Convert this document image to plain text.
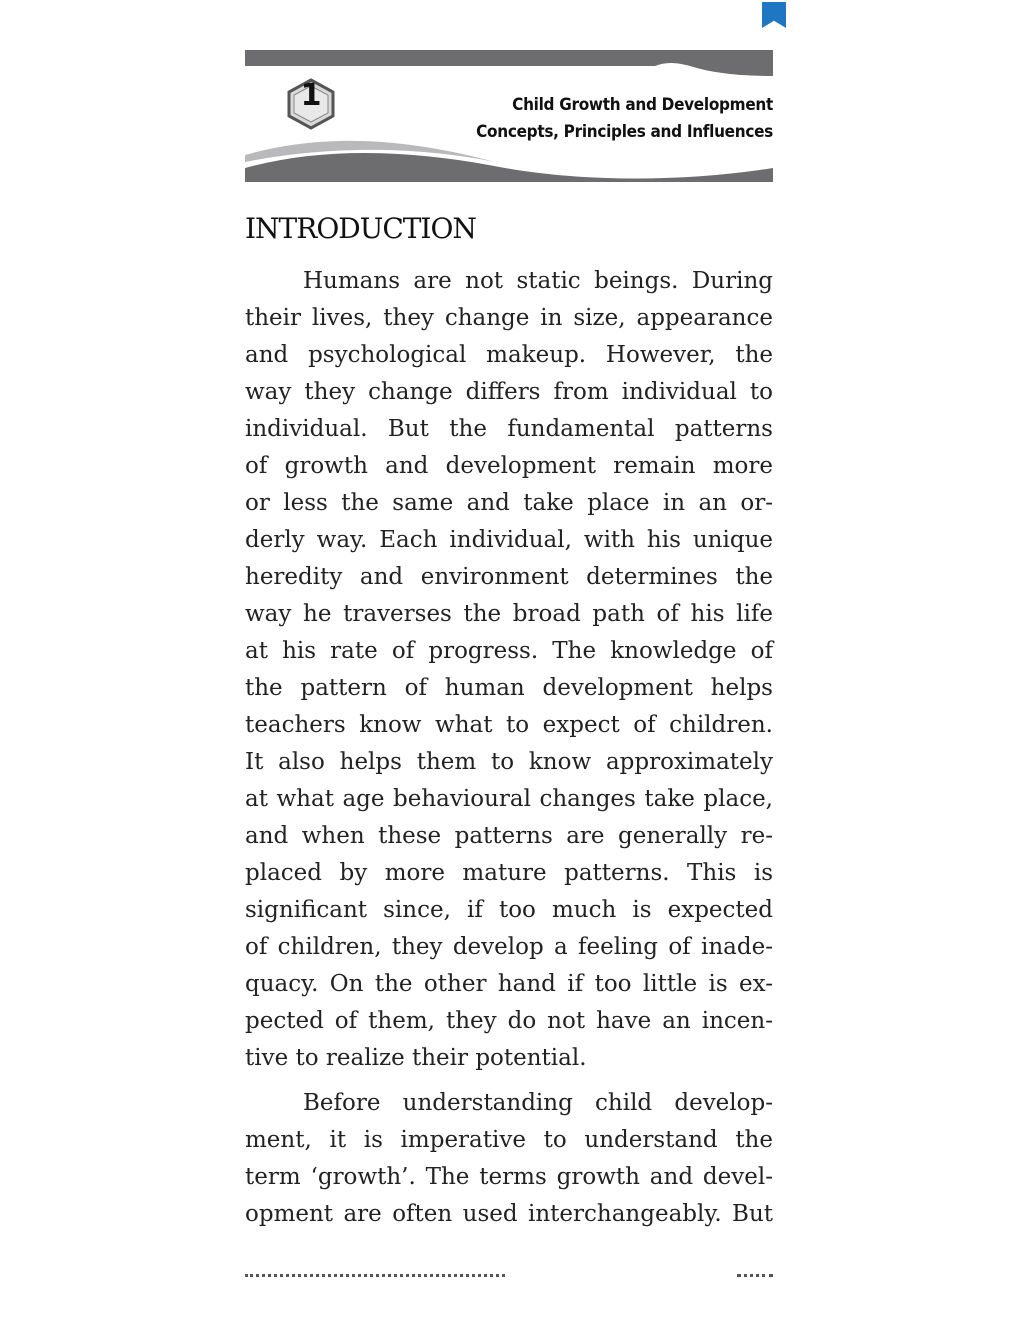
1	Child Growth and Development
Concepts, Principles and Influences
INTRODUCTION
Humans are not static beings. During
their lives, they change in size, appearance
and psychological makeup. However, the
way they change differs from individual to
individual. But the fundamental patterns
of growth and development remain more
or less the same and take place in an or-
derly way. Each individual, with his unique
heredity and environment determines the
way he traverses the broad path of his life
at his rate of progress. The knowledge of
the pattern of human development helps
teachers know what to expect of children.
It also helps them to know approximately
at what age behavioural changes take place,
and when these patterns are generally re-
placed by more mature patterns. This is
significant since, if too much is expected
of children, they develop a feeling of inade-
quacy. On the other hand if too little is ex-
pected of them, they do not have an incen-
tive to realize their potential.
Before understanding child develop-
ment, it is imperative to understand the
term ‘growth’. The terms growth and devel-
opment are often used interchangeably. But
